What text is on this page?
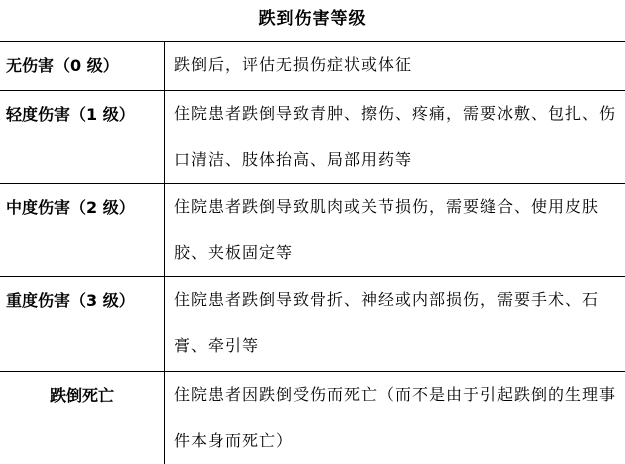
跌到伤害等级
无伤害（0 级）	跌倒后，评估无损伤症状或体征
轻度伤害（1 级）	住院患者跌倒导致青肿、擦伤、疼痛，需要冰敷、包扎、伤口清洁、肢体抬高、局部用药等
中度伤害（2 级）	住院患者跌倒导致肌肉或关节损伤，需要缝合、使用皮肤胶、夹板固定等
重度伤害（3 级）	住院患者跌倒导致骨折、神经或内部损伤，需要手术、石膏、牵引等
跌倒死亡	住院患者因跌倒受伤而死亡（而不是由于引起跌倒的生理事件本身而死亡）
